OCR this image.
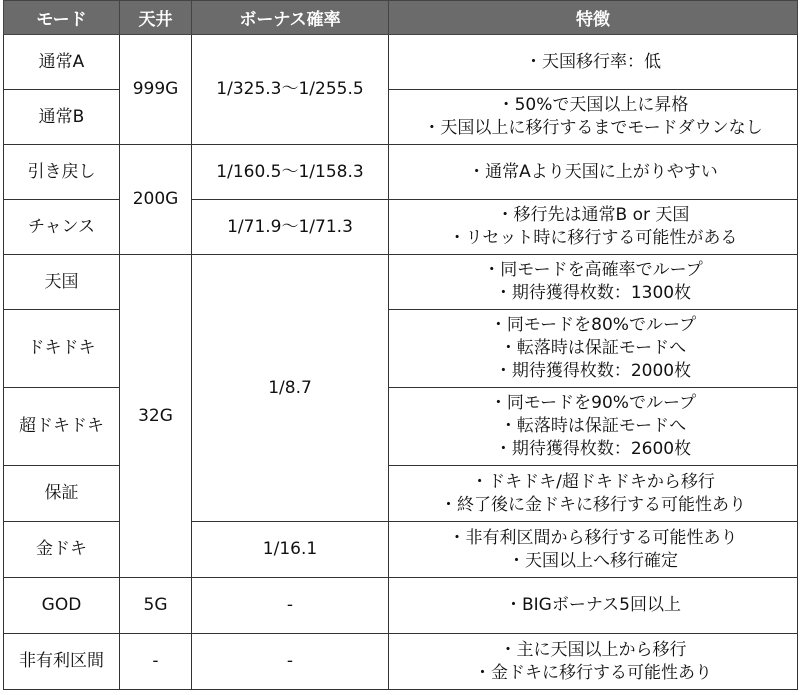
モード	天井	ボーナス確率	特徴
通常A	999G	1/325.3～1/255.5	・天国移行率：低

通常B			・50%で天国以上に昇格
・天国以上に移行するまでモードダウンなし

引き戻し	200G	1/160.5～1/158.3	・通常Aより天国に上がりやすい

チャンス		1/71.9～1/71.3	・移行先は通常B or 天国
・リセット時に移行する可能性がある

天国	32G	1/8.7	・同モードを高確率でループ
・期待獲得枚数：1300枚

ドキドキ			・同モードを80%でループ
・転落時は保証モードへ
・期待獲得枚数：2000枚

超ドキドキ			・同モードを90%でループ
・転落時は保証モードへ
・期待獲得枚数：2600枚

保証			・ドキドキ/超ドキドキから移行
・終了後に金ドキに移行する可能性あり

金ドキ		1/16.1	・非有利区間から移行する可能性あり
・天国以上へ移行確定

GOD	5G	-	・BIGボーナス5回以上

非有利区間	-	-	・主に天国以上から移行
・金ドキに移行する可能性あり
